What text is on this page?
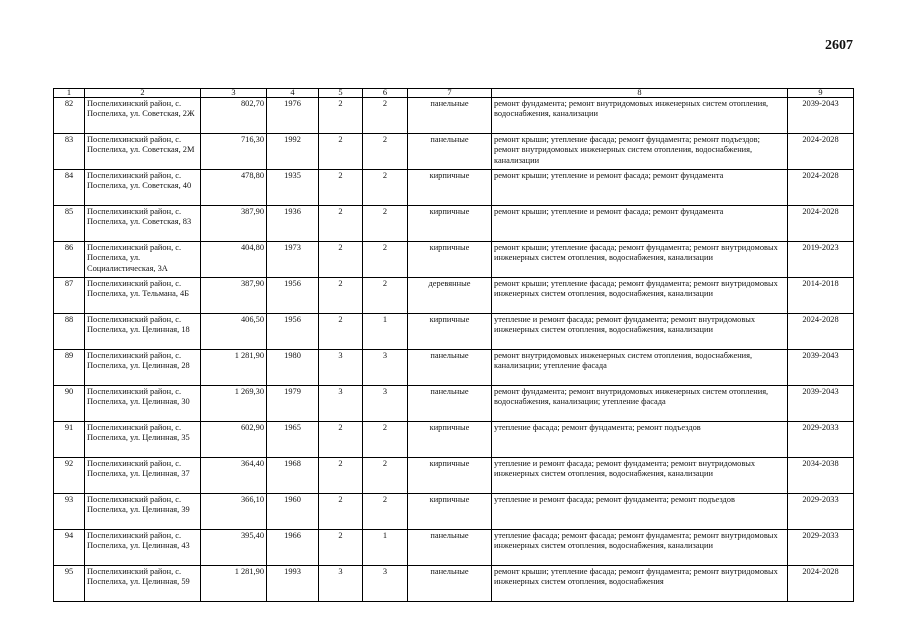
2607
1	2	3	4	5	6	7	8	9
82	Поспелихинский район, с. Поспелиха, ул. Советская, 2Ж	802,70	1976	2	2	панельные	ремонт фундамента; ремонт внутридомовых инженерных систем отопления, водоснабжения, канализации	2039-2043
83	Поспелихинский район, с. Поспелиха, ул. Советская, 2М	716,30	1992	2	2	панельные	ремонт крыши; утепление фасада; ремонт фундамента; ремонт подъездов; ремонт внутридомовых инженерных систем отопления, водоснабжения, канализации	2024-2028
84	Поспелихинский район, с. Поспелиха, ул. Советская, 40	478,80	1935	2	2	кирпичные	ремонт крыши; утепление и ремонт фасада; ремонт фундамента	2024-2028
85	Поспелихинский район, с. Поспелиха, ул. Советская, 83	387,90	1936	2	2	кирпичные	ремонт крыши; утепление и ремонт фасада; ремонт фундамента	2024-2028
86	Поспелихинский район, с. Поспелиха, ул. Социалистическая, 3А	404,80	1973	2	2	кирпичные	ремонт крыши; утепление фасада; ремонт фундамента; ремонт внутридомовых инженерных систем отопления, водоснабжения, канализации	2019-2023
87	Поспелихинский район, с. Поспелиха, ул. Тельмана, 4Б	387,90	1956	2	2	деревянные	ремонт крыши; утепление фасада; ремонт фундамента; ремонт внутридомовых инженерных систем отопления, водоснабжения, канализации	2014-2018
88	Поспелихинский район, с. Поспелиха, ул. Целинная, 18	406,50	1956	2	1	кирпичные	утепление и ремонт фасада; ремонт фундамента; ремонт внутридомовых инженерных систем отопления, водоснабжения, канализации	2024-2028
89	Поспелихинский район, с. Поспелиха, ул. Целинная, 28	1 281,90	1980	3	3	панельные	ремонт внутридомовых инженерных систем отопления, водоснабжения, канализации; утепление фасада	2039-2043
90	Поспелихинский район, с. Поспелиха, ул. Целинная, 30	1 269,30	1979	3	3	панельные	ремонт фундамента; ремонт внутридомовых инженерных систем отопления, водоснабжения, канализации; утепление фасада	2039-2043
91	Поспелихинский район, с. Поспелиха, ул. Целинная, 35	602,90	1965	2	2	кирпичные	утепление фасада; ремонт фундамента; ремонт подъездов	2029-2033
92	Поспелихинский район, с. Поспелиха, ул. Целинная, 37	364,40	1968	2	2	кирпичные	утепление и ремонт фасада; ремонт фундамента; ремонт внутридомовых инженерных систем отопления, водоснабжения, канализации	2034-2038
93	Поспелихинский район, с. Поспелиха, ул. Целинная, 39	366,10	1960	2	2	кирпичные	утепление и ремонт фасада; ремонт фундамента; ремонт подъездов	2029-2033
94	Поспелихинский район, с. Поспелиха, ул. Целинная, 43	395,40	1966	2	1	панельные	утепление фасада; ремонт фасада; ремонт фундамента; ремонт внутридомовых инженерных систем отопления, водоснабжения, канализации	2029-2033
95	Поспелихинский район, с. Поспелиха, ул. Целинная, 59	1 281,90	1993	3	3	панельные	ремонт крыши; утепление фасада; ремонт фундамента; ремонт внутридомовых инженерных систем отопления, водоснабжения	2024-2028
